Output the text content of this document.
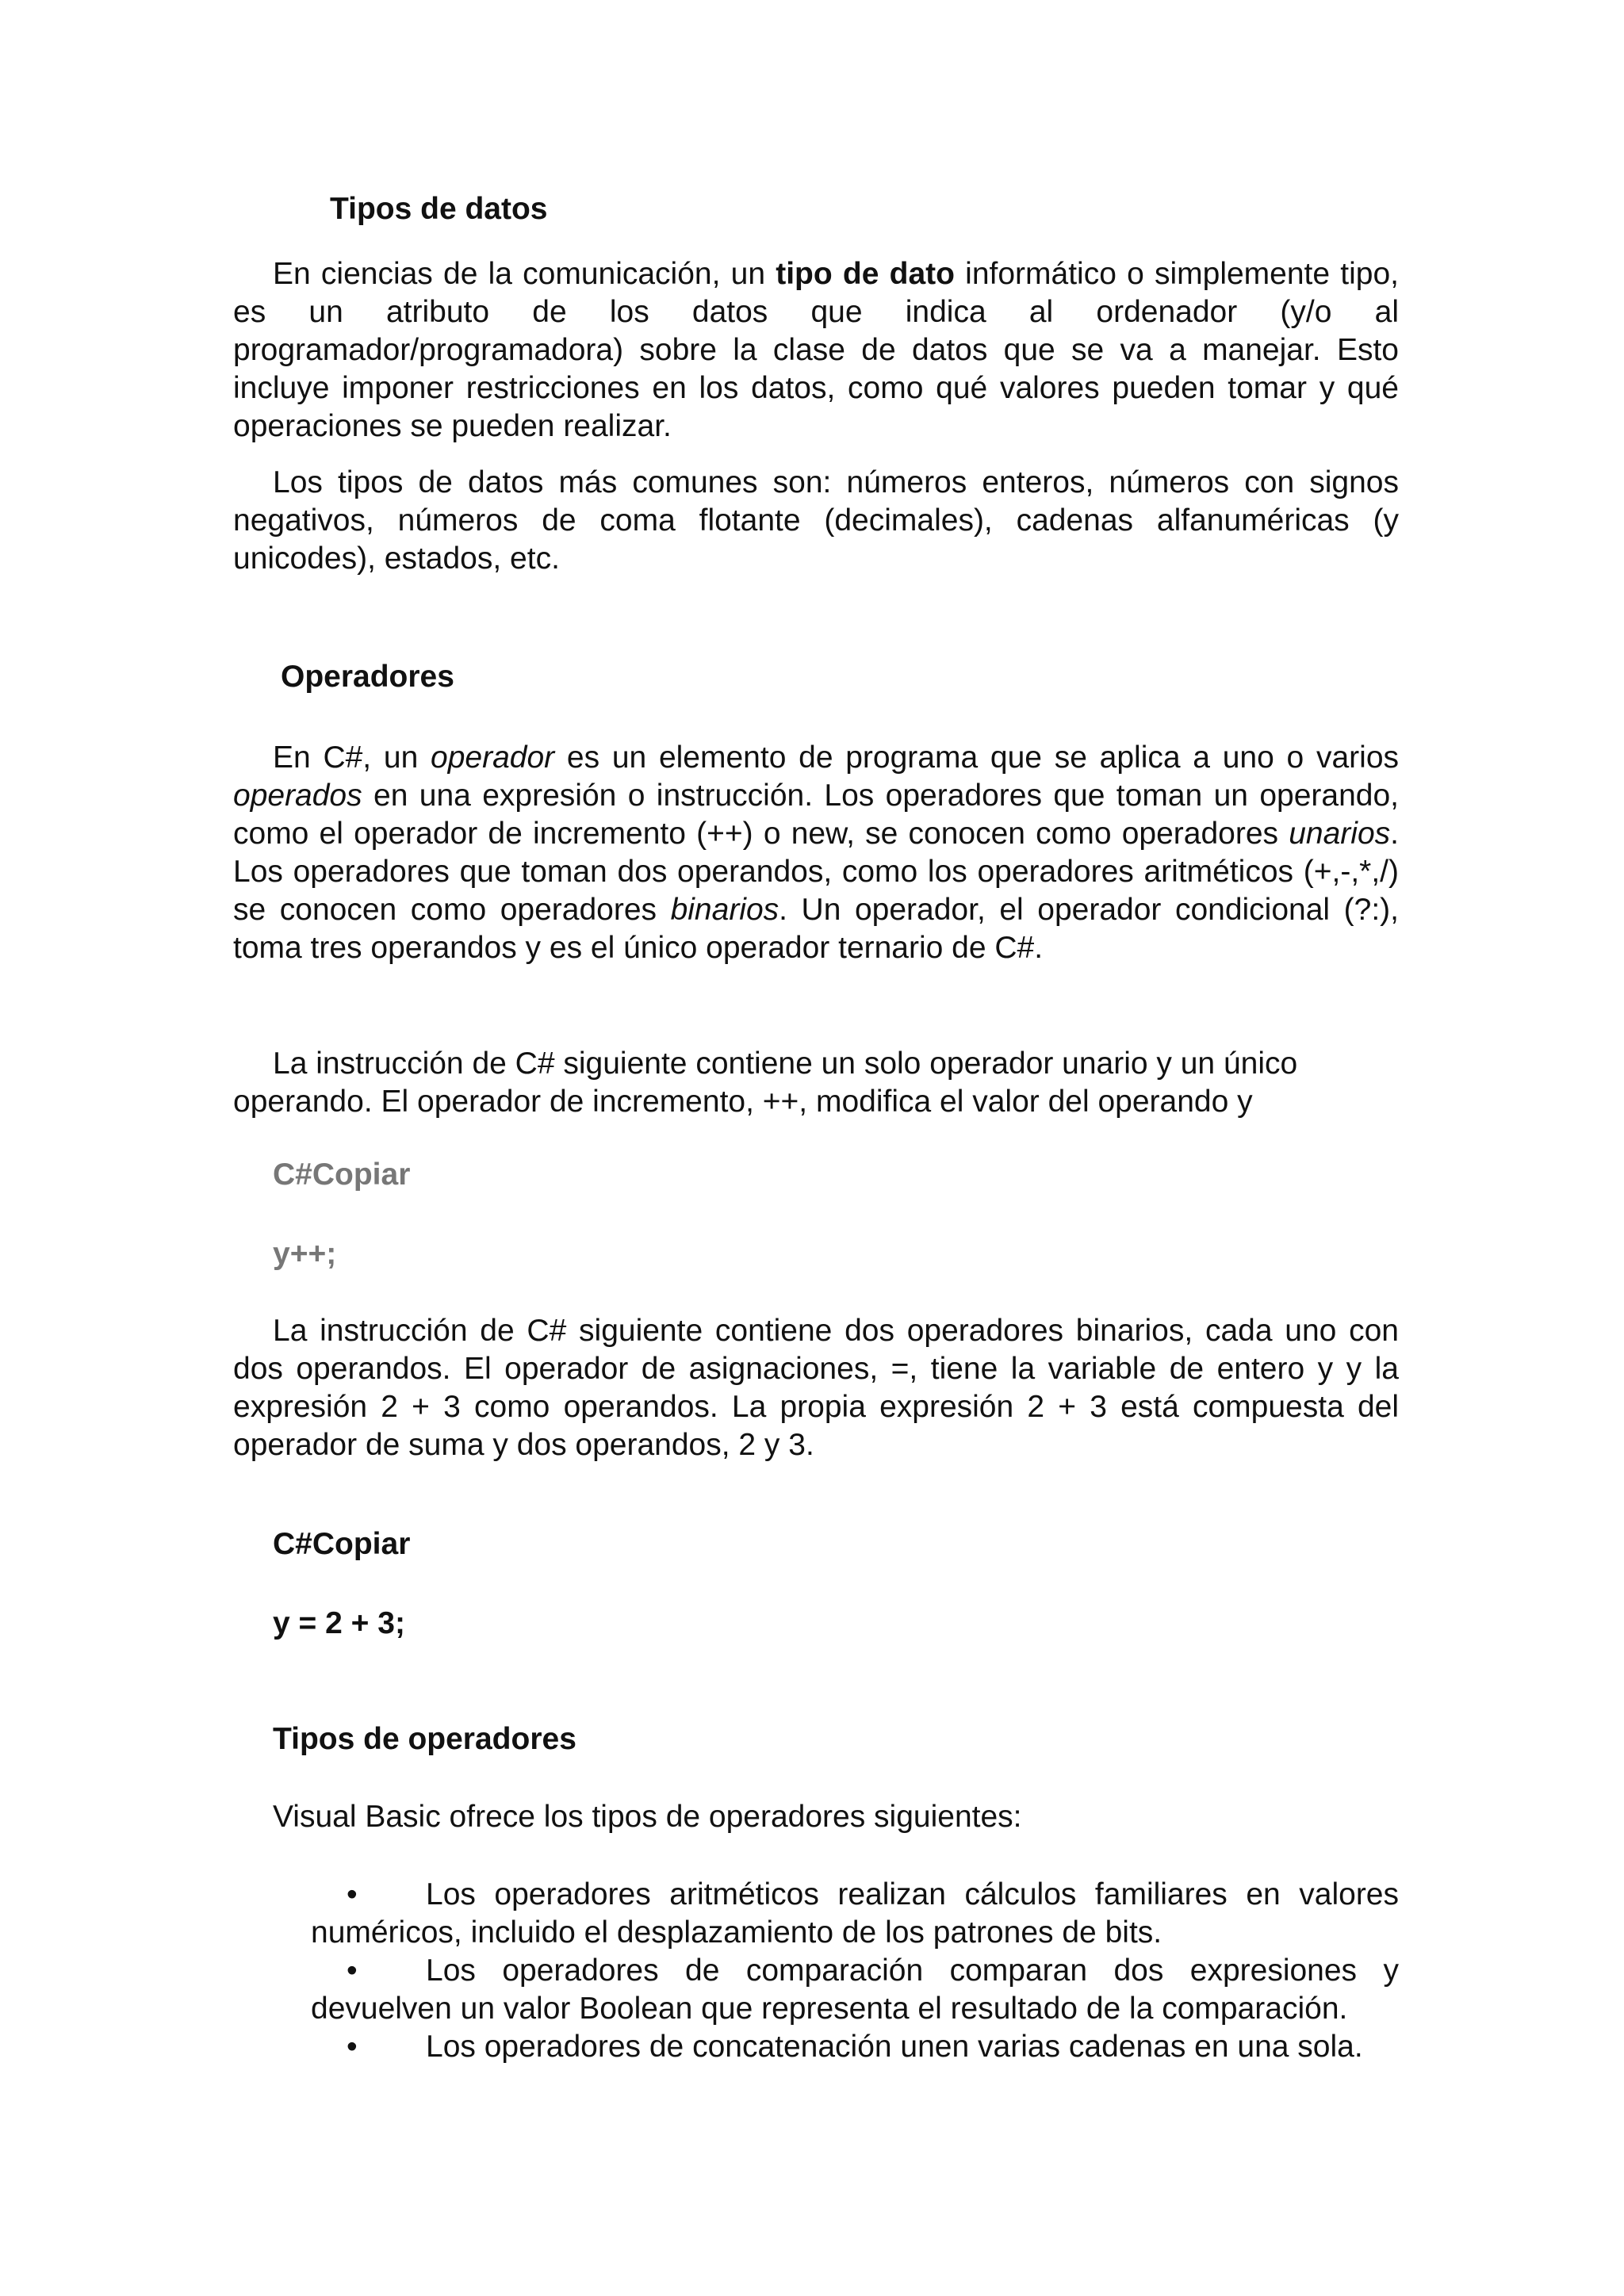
Tipos de datos

En ciencias de la comunicación, un tipo de dato informático o simplemente tipo, es un atributo de los datos que indica al ordenador (y/o al programador/programadora) sobre la clase de datos que se va a manejar. Esto incluye imponer restricciones en los datos, como qué valores pueden tomar y qué operaciones se pueden realizar.

Los tipos de datos más comunes son: números enteros, números con signos negativos, números de coma flotante (decimales), cadenas alfanuméricas (y unicodes), estados, etc.

Operadores

En C#, un operador es un elemento de programa que se aplica a uno o varios operados en una expresión o instrucción. Los operadores que toman un operando, como el operador de incremento (++) o new, se conocen como operadores unarios. Los operadores que toman dos operandos, como los operadores aritméticos (+,-,*,/) se conocen como operadores binarios. Un operador, el operador condicional (?:), toma tres operandos y es el único operador ternario de C#.

La instrucción de C# siguiente contiene un solo operador unario y un único operando. El operador de incremento, ++, modifica el valor del operando y

C#Copiar
y++;

La instrucción de C# siguiente contiene dos operadores binarios, cada uno con dos operandos. El operador de asignaciones, =, tiene la variable de entero y y la expresión 2 + 3 como operandos. La propia expresión 2 + 3 está compuesta del operador de suma y dos operandos, 2 y 3.

C#Copiar
y = 2 + 3;
Tipos de operadores
Visual Basic ofrece los tipos de operadores siguientes:
• Los operadores aritméticos realizan cálculos familiares en valores numéricos, incluido el desplazamiento de los patrones de bits.
• Los operadores de comparación comparan dos expresiones y devuelven un valor Boolean que representa el resultado de la comparación.
• Los operadores de concatenación unen varias cadenas en una sola.
